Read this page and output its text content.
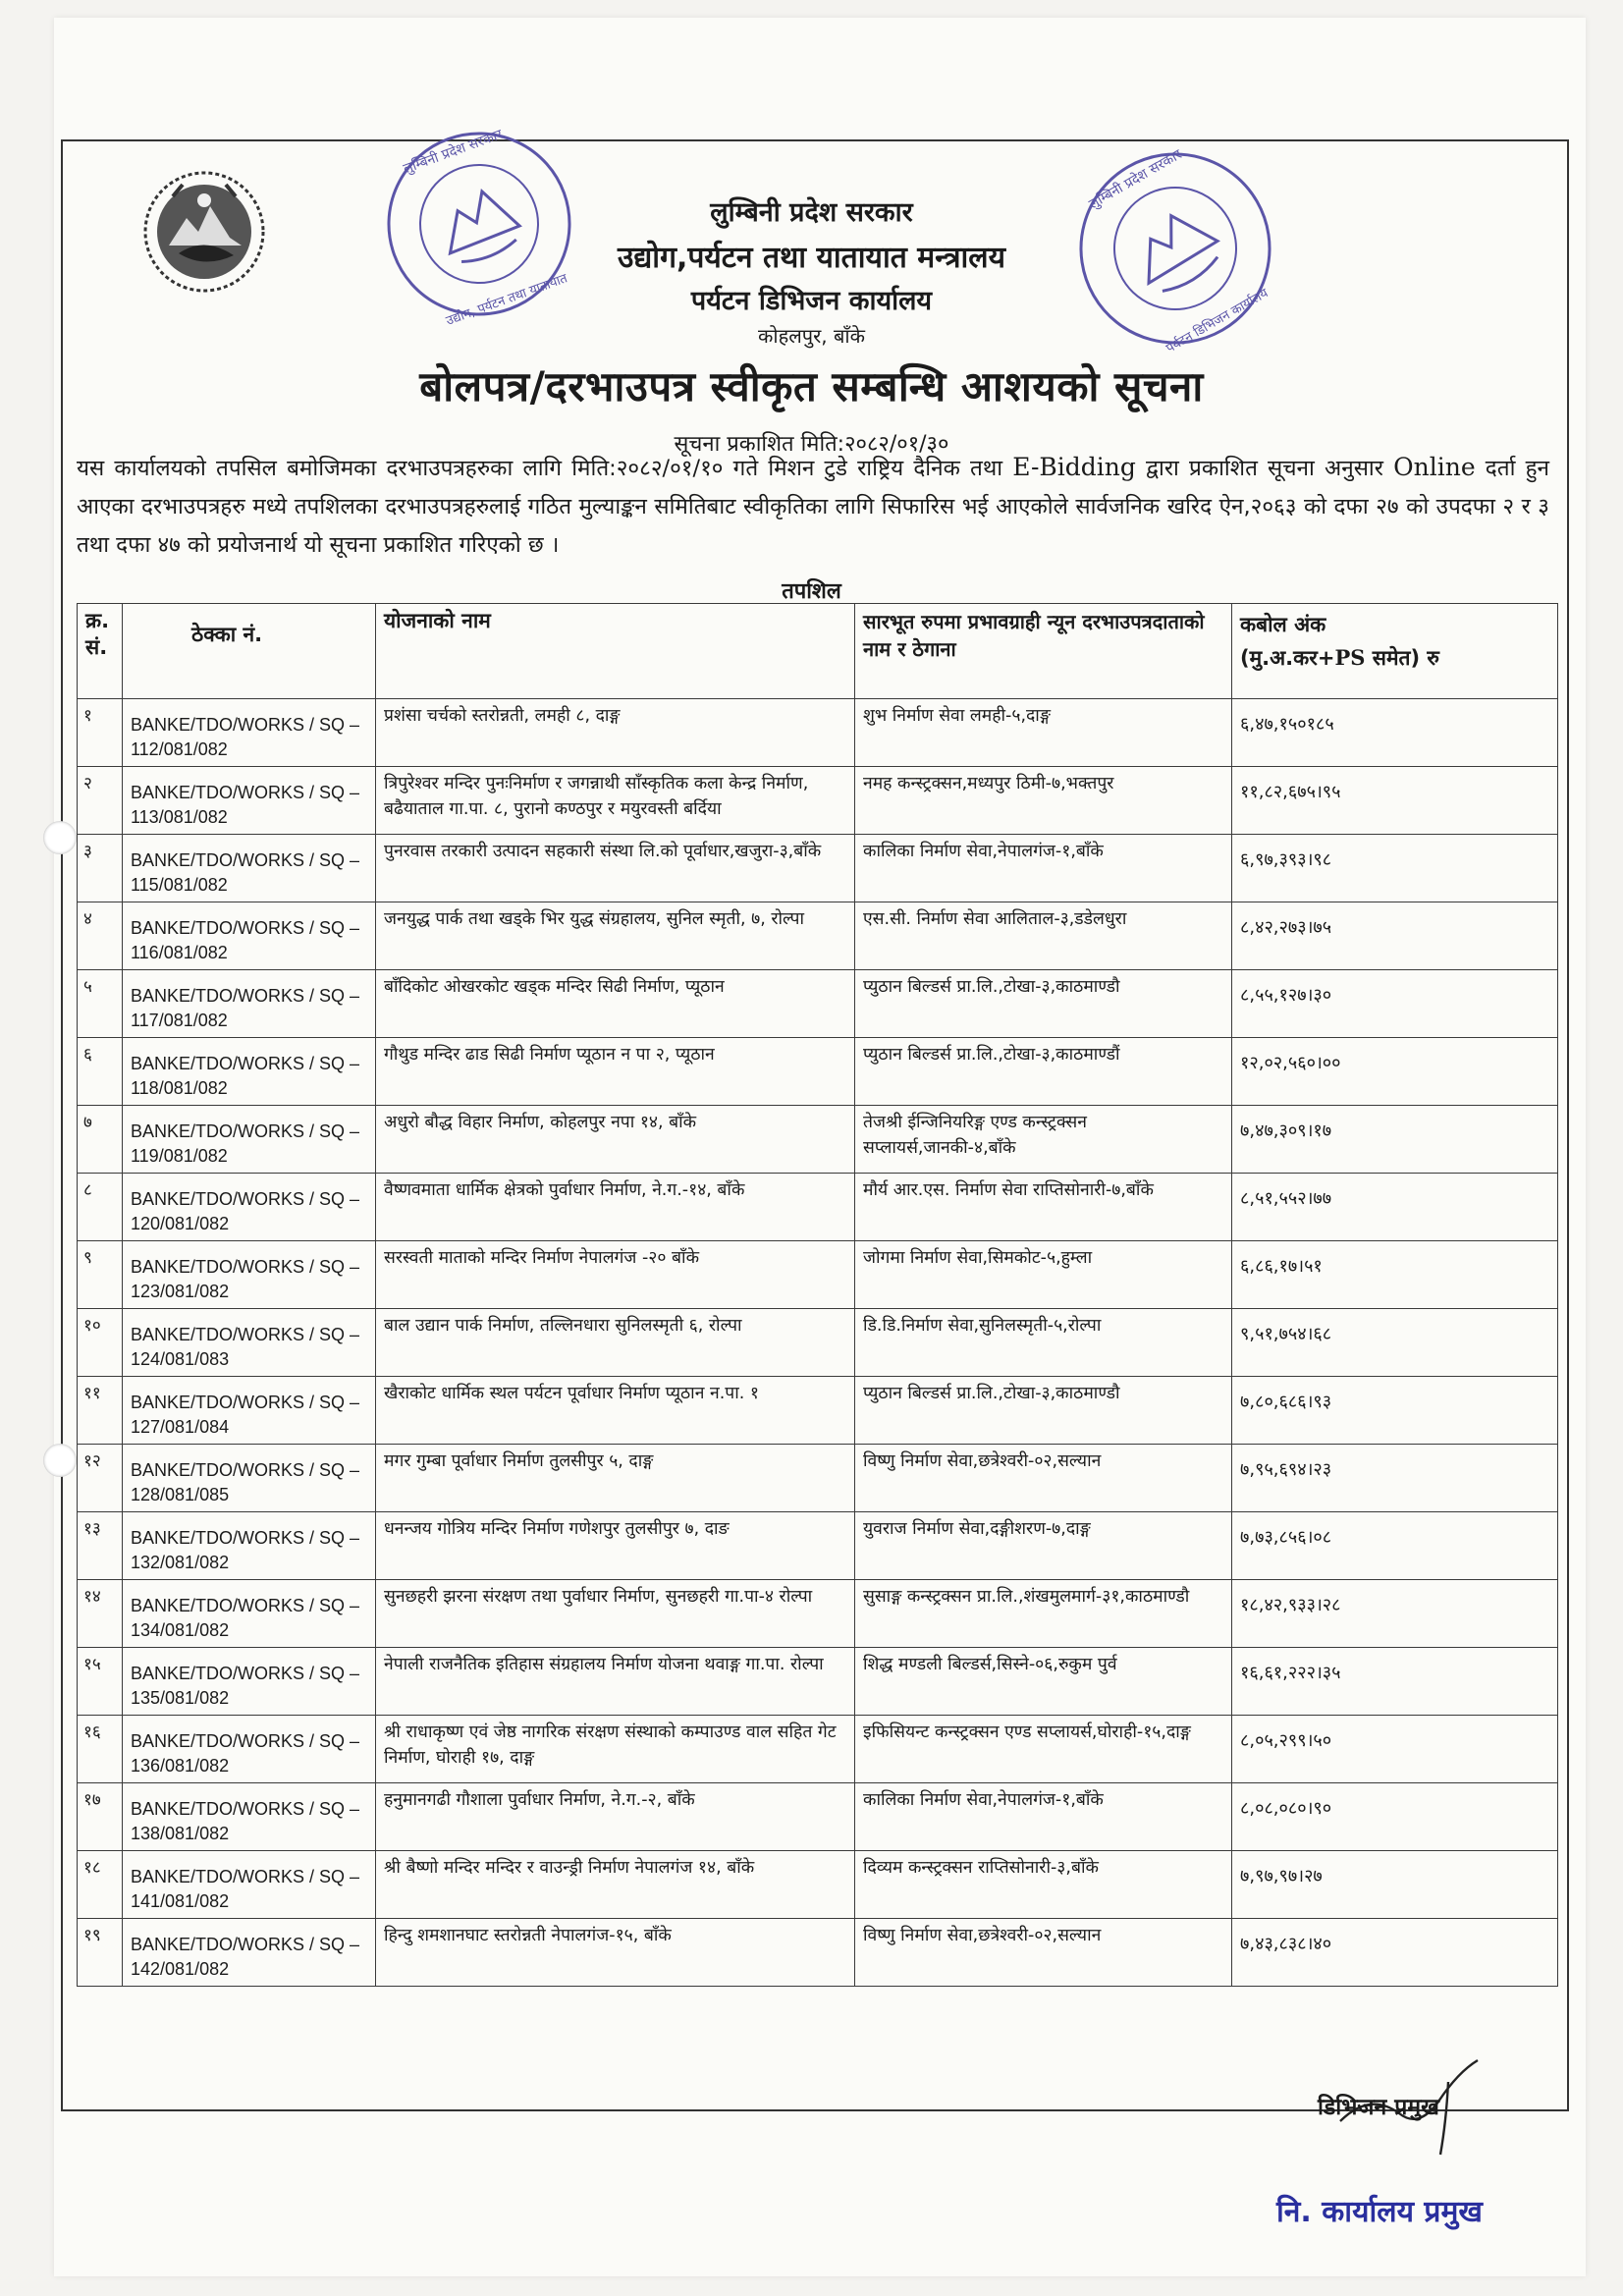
लुम्बिनी प्रदेश सरकार
उद्योग, पर्यटन तथा यातायात
लुम्बिनी प्रदेश सरकार
पर्यटन डिभिजन कार्यालय
लुम्बिनी प्रदेश सरकार
उद्योग,पर्यटन तथा यातायात मन्त्रालय
पर्यटन डिभिजन कार्यालय
कोहलपुर, बाँके
बोलपत्र/दरभाउपत्र स्वीकृत सम्बन्धि आशयको सूचना
सूचना प्रकाशित मिति:२०८२/०१/३०
यस कार्यालयको तपसिल बमोजिमका दरभाउपत्रहरुका लागि मिति:२०८२/०१/१० गते मिशन टुडे राष्ट्रिय दैनिक तथा E-Bidding द्वारा प्रकाशित सूचना अनुसार Online दर्ता हुन आएका दरभाउपत्रहरु मध्ये तपशिलका दरभाउपत्रहरुलाई गठित मुल्याङ्कन समितिबाट स्वीकृतिका लागि सिफारिस भई आएकोले सार्वजनिक खरिद ऐन,२०६३ को दफा २७ को उपदफा २ र ३ तथा दफा ४७ को प्रयोजनार्थ यो सूचना प्रकाशित गरिएको छ ।
तपशिल
क्र. सं.	ठेक्का नं.	योजनाको नाम	सारभूत रुपमा प्रभावग्राही न्यून दरभाउपत्रदाताको नाम र ठेगाना	कबोल अंक
(मु.अ.कर+PS समेत) रु

१	BANKE/TDO/WORKS / SQ – 112/081/082	प्रशंसा चर्चको स्तरोन्नती, लमही ८, दाङ्ग	शुभ निर्माण सेवा लमही-५,दाङ्ग	६,४७,१५०१८५
२	BANKE/TDO/WORKS / SQ –113/081/082	त्रिपुरेश्वर मन्दिर पुनःनिर्माण र जगन्नाथी साँस्कृतिक कला केन्द्र निर्माण, बढैयाताल गा.पा. ८, पुरानो कण्ठपुर र मयुरवस्ती बर्दिया	नमह कन्स्ट्रक्सन,मध्यपुर ठिमी-७,भक्तपुर	११,८२,६७५।९५
३	BANKE/TDO/WORKS / SQ –115/081/082	पुनरवास तरकारी उत्पादन सहकारी संस्था लि.को पूर्वाधार,खजुरा-३,बाँके	कालिका निर्माण सेवा,नेपालगंज-१,बाँके	६,९७,३९३।९८
४	BANKE/TDO/WORKS / SQ – 116/081/082	जनयुद्ध पार्क तथा खड्के भिर युद्ध संग्रहालय, सुनिल स्मृती, ७, रोल्पा	एस.सी. निर्माण सेवा आलिताल-३,डडेलधुरा	८,४२,२७३।७५
५	BANKE/TDO/WORKS / SQ –117/081/082	बाँदिकोट ओखरकोट खड्क मन्दिर सिढी निर्माण, प्यूठान	प्युठान बिल्डर्स प्रा.लि.,टोखा-३,काठमाण्डौ	८,५५,१२७।३०
६	BANKE/TDO/WORKS / SQ –118/081/082	गौथुड मन्दिर ढाड सिढी निर्माण प्यूठान न पा २, प्यूठान	प्युठान बिल्डर्स प्रा.लि.,टोखा-३,काठमाण्डौं	१२,०२,५६०।००
७	BANKE/TDO/WORKS / SQ –119/081/082	अधुरो बौद्ध विहार निर्माण, कोहलपुर नपा १४, बाँके	तेजश्री ईन्जिनियरिङ्ग एण्ड कन्स्ट्रक्सन सप्लायर्स,जानकी-४,बाँके	७,४७,३०९।१७
८	BANKE/TDO/WORKS / SQ –120/081/082	वैष्णवमाता धार्मिक क्षेत्रको पुर्वाधार निर्माण, ने.ग.-१४, बाँके	मौर्य आर.एस. निर्माण सेवा राप्तिसोनारी-७,बाँके	८,५१,५५२।७७
९	BANKE/TDO/WORKS / SQ –123/081/082	सरस्वती माताको मन्दिर निर्माण नेपालगंज -२० बाँके	जोगमा निर्माण सेवा,सिमकोट-५,हुम्ला	६,८६,१७।५१
१०	BANKE/TDO/WORKS / SQ –124/081/083	बाल उद्यान पार्क निर्माण, तल्लिनधारा सुनिलस्मृती ६, रोल्पा	डि.डि.निर्माण सेवा,सुनिलस्मृती-५,रोल्पा	९,५१,७५४।६८
११	BANKE/TDO/WORKS / SQ – 127/081/084	खैराकोट धार्मिक स्थल पर्यटन पूर्वाधार निर्माण प्यूठान न.पा. १	प्युठान बिल्डर्स प्रा.लि.,टोखा-३,काठमाण्डौ	७,८०,६८६।९३
१२	BANKE/TDO/WORKS / SQ –128/081/085	मगर गुम्बा पूर्वाधार निर्माण तुलसीपुर ५, दाङ्ग	विष्णु निर्माण सेवा,छत्रेश्वरी-०२,सल्यान	७,९५,६९४।२३
१३	BANKE/TDO/WORKS / SQ – 132/081/082	धनन्जय गोत्रिय मन्दिर निर्माण गणेशपुर तुलसीपुर ७, दाङ	युवराज निर्माण सेवा,दङ्गीशरण-७,दाङ्ग	७,७३,८५६।०८
१४	BANKE/TDO/WORKS / SQ –134/081/082	सुनछहरी झरना संरक्षण तथा पुर्वाधार निर्माण, सुनछहरी गा.पा-४ रोल्पा	सुसाङ्ग कन्स्ट्रक्सन प्रा.लि.,शंखमुलमार्ग-३१,काठमाण्डौ	१८,४२,९३३।२८
१५	BANKE/TDO/WORKS / SQ –135/081/082	नेपाली राजनैतिक इतिहास संग्रहालय निर्माण योजना थवाङ्ग गा.पा. रोल्पा	शिद्ध मण्डली बिल्डर्स,सिस्ने-०६,रुकुम पुर्व	१६,६१,२२२।३५
१६	BANKE/TDO/WORKS / SQ – 136/081/082	श्री राधाकृष्ण एवं जेष्ठ नागरिक संरक्षण संस्थाको कम्पाउण्ड वाल सहित गेट निर्माण, घोराही १७, दाङ्ग	इफिसियन्ट कन्स्ट्रक्सन एण्ड सप्लायर्स,घोराही-१५,दाङ्ग	८,०५,२९९।५०
१७	BANKE/TDO/WORKS / SQ –138/081/082	हनुमानगढी गौशाला पुर्वाधार निर्माण, ने.ग.-२, बाँके	कालिका निर्माण सेवा,नेपालगंज-१,बाँके	८,०८,०८०।९०
१८	BANKE/TDO/WORKS / SQ –141/081/082	श्री बैष्णो मन्दिर मन्दिर र वाउन्ड्री निर्माण नेपालगंज १४, बाँके	दिव्यम कन्स्ट्रक्सन राप्तिसोनारी-३,बाँके	७,९७,९७।२७
१९	BANKE/TDO/WORKS / SQ –142/081/082	हिन्दु शमशानघाट स्तरोन्नती नेपालगंज-१५, बाँके	विष्णु निर्माण सेवा,छत्रेश्वरी-०२,सल्यान	७,४३,८३८।४०
डिभिजन प्रमुख
नि. कार्यालय प्रमुख
